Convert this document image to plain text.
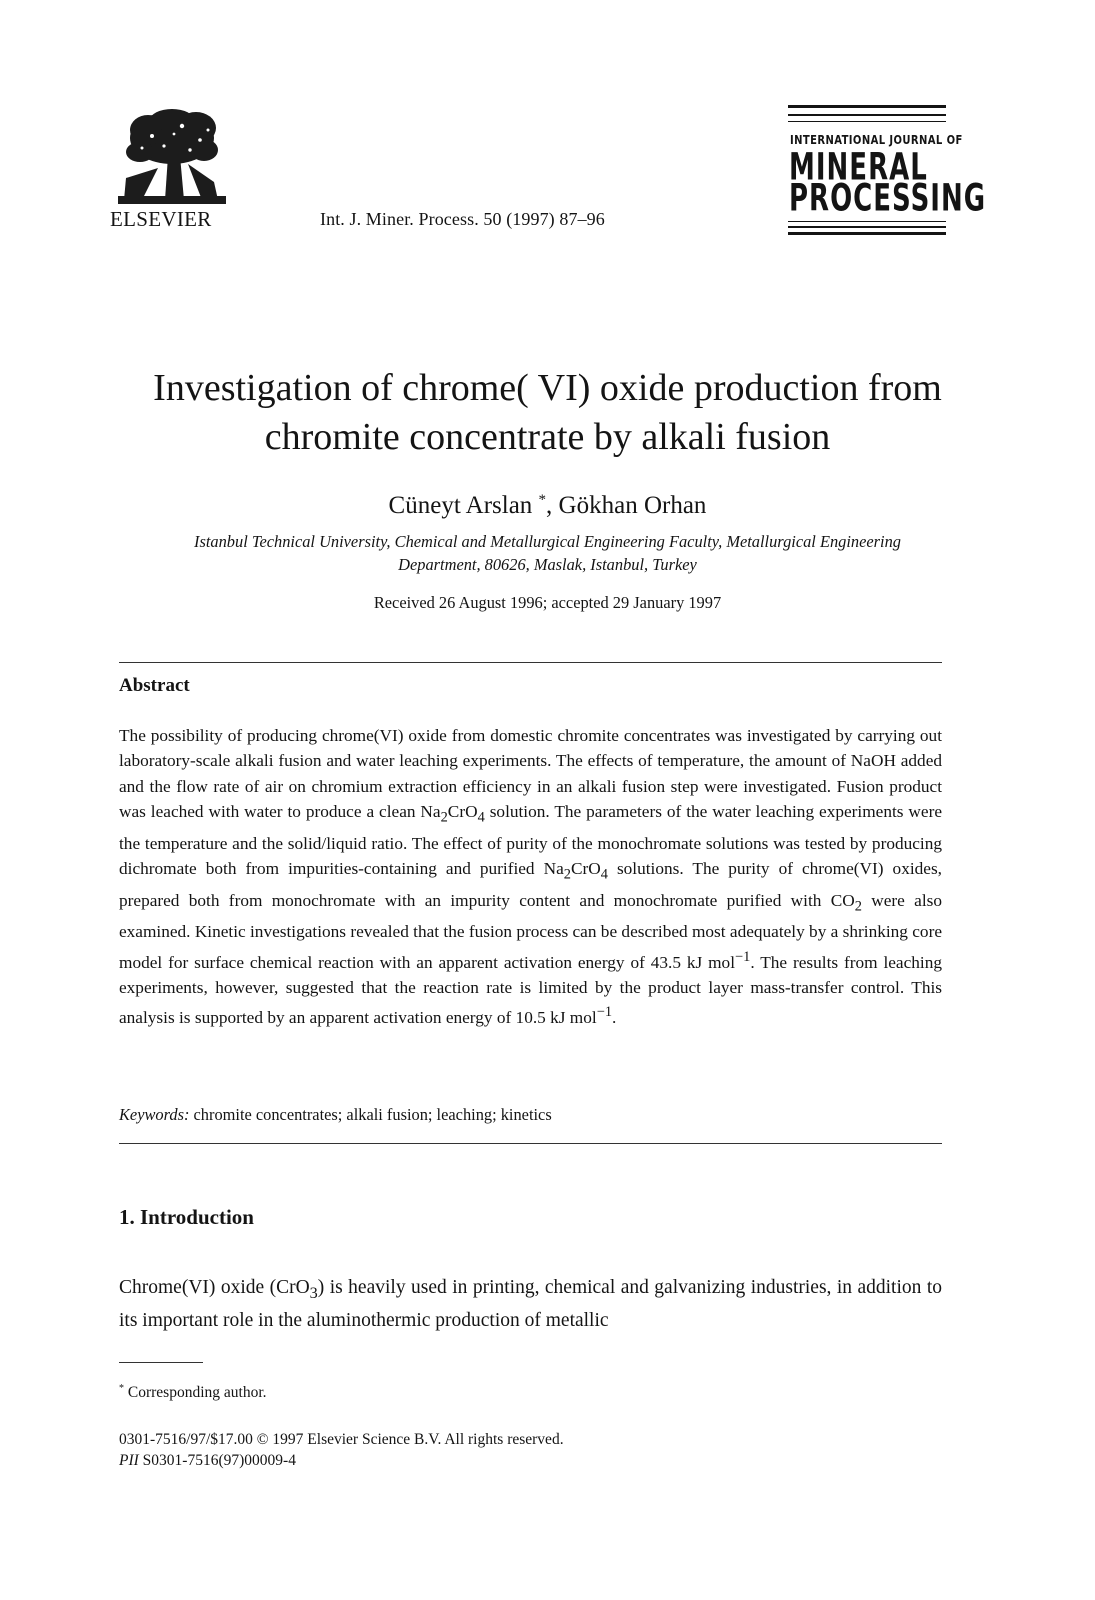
ELSEVIER	Int. J. Miner. Process. 50 (1997) 87–96
INTERNATIONAL JOURNAL OF
MINERAL
PROCESSING
Investigation of chrome( VI) oxide production from
chromite concentrate by alkali fusion
Cüneyt Arslan *, Gökhan Orhan
Istanbul Technical University, Chemical and Metallurgical Engineering Faculty, Metallurgical Engineering
Department, 80626, Maslak, Istanbul, Turkey
Received 26 August 1996; accepted 29 January 1997
Abstract

The possibility of producing chrome(VI) oxide from domestic chromite concentrates was investigated by carrying out laboratory-scale alkali fusion and water leaching experiments. The effects of temperature, the amount of NaOH added and the flow rate of air on chromium extraction efficiency in an alkali fusion step were investigated. Fusion product was leached with water to produce a clean $Na_2CrO_4$ solution. The parameters of the water leaching experiments were the temperature and the solid/liquid ratio. The effect of purity of the monochromate solutions was tested by producing dichromate both from impurities-containing and purified $Na_2CrO_4$ solutions. The purity of chrome(VI) oxides, prepared both from monochromate with an impurity content and monochromate purified with $CO_2$ were also examined. Kinetic investigations revealed that the fusion process can be described most adequately by a shrinking core model for surface chemical reaction with an apparent activation energy of 43.5 kJ mol$^{-1}$. The results from leaching experiments, however, suggested that the reaction rate is limited by the product layer mass-transfer control. This analysis is supported by an apparent activation energy of 10.5 kJ mol$^{-1}$.

Keywords: chromite concentrates; alkali fusion; leaching; kinetics
1. Introduction

Chrome(VI) oxide (CrO$_3$) is heavily used in printing, chemical and galvanizing industries, in addition to its important role in the aluminothermic production of metallic

* Corresponding author.
0301-7516/97/$17.00 © 1997 Elsevier Science B.V. All rights reserved.
PII S0301-7516(97)00009-4
